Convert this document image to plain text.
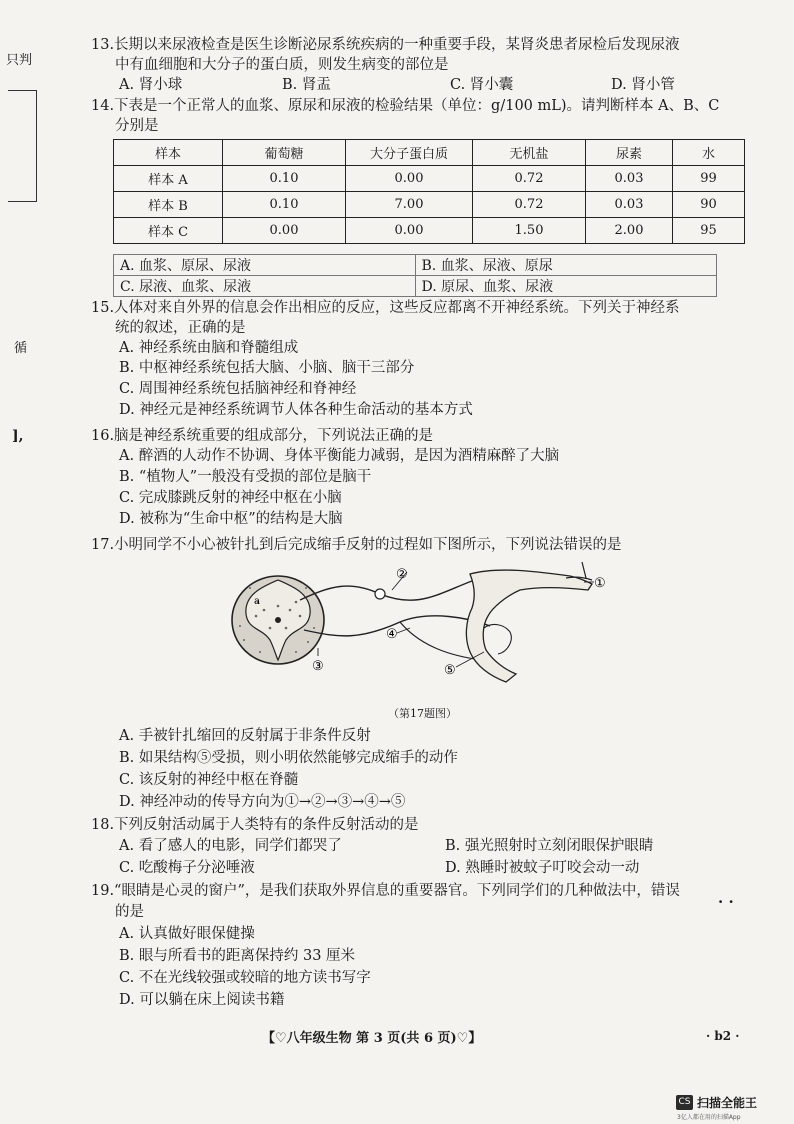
只判
循
],
13.长期以来尿液检查是医生诊断泌尿系统疾病的一种重要手段，某肾炎患者尿检后发现尿液
中有血细胞和大分子的蛋白质，则发生病变的部位是
A. 肾小球	B. 肾盂	C. 肾小囊	D. 肾小管
14.下表是一个正常人的血浆、原尿和尿液的检验结果（单位：g/100 mL)。请判断样本 A、B、C
分别是
样本	葡萄糖	大分子蛋白质	无机盐	尿素	水
样本 A	0.10	0.00	0.72	0.03	99
样本 B	0.10	7.00	0.72	0.03	90
样本 C	0.00	0.00	1.50	2.00	95
A. 血浆、原尿、尿液	B. 血浆、尿液、原尿
C. 尿液、血浆、尿液	D. 原尿、血浆、尿液
15.人体对来自外界的信息会作出相应的反应，这些反应都离不开神经系统。下列关于神经系
统的叙述，正确的是
A. 神经系统由脑和脊髓组成
B. 中枢神经系统包括大脑、小脑、脑干三部分
C. 周围神经系统包括脑神经和脊神经
D. 神经元是神经系统调节人体各种生命活动的基本方式
16.脑是神经系统重要的组成部分，下列说法正确的是
A. 醉酒的人动作不协调、身体平衡能力减弱，是因为酒精麻醉了大脑
B. “植物人”一般没有受损的部位是脑干
C. 完成膝跳反射的神经中枢在小脑
D. 被称为“生命中枢”的结构是大脑
17.小明同学不小心被针扎到后完成缩手反射的过程如下图所示，下列说法错误的是
②
①
④
③	⑤
a
（第17题图）
A. 手被针扎缩回的反射属于非条件反射
B. 如果结构⑤受损，则小明依然能够完成缩手的动作
C. 该反射的神经中枢在脊髓
D. 神经冲动的传导方向为①→②→③→④→⑤
18.下列反射活动属于人类特有的条件反射活动的是
A. 看了感人的电影，同学们都哭了	B. 强光照射时立刻闭眼保护眼睛
C. 吃酸梅子分泌唾液	D. 熟睡时被蚊子叮咬会动一动
19.“眼睛是心灵的窗户”，是我们获取外界信息的重要器官。下列同学们的几种做法中，错误
· ·
的是
A. 认真做好眼保健操
B. 眼与所看书的距离保持约 33 厘米
C. 不在光线较强或较暗的地方读书写字
D. 可以躺在床上阅读书籍
【♡八年级生物 第 3 页(共 6 页)♡】	· b2 ·
CS 扫描全能王
3亿人都在用的扫描App
